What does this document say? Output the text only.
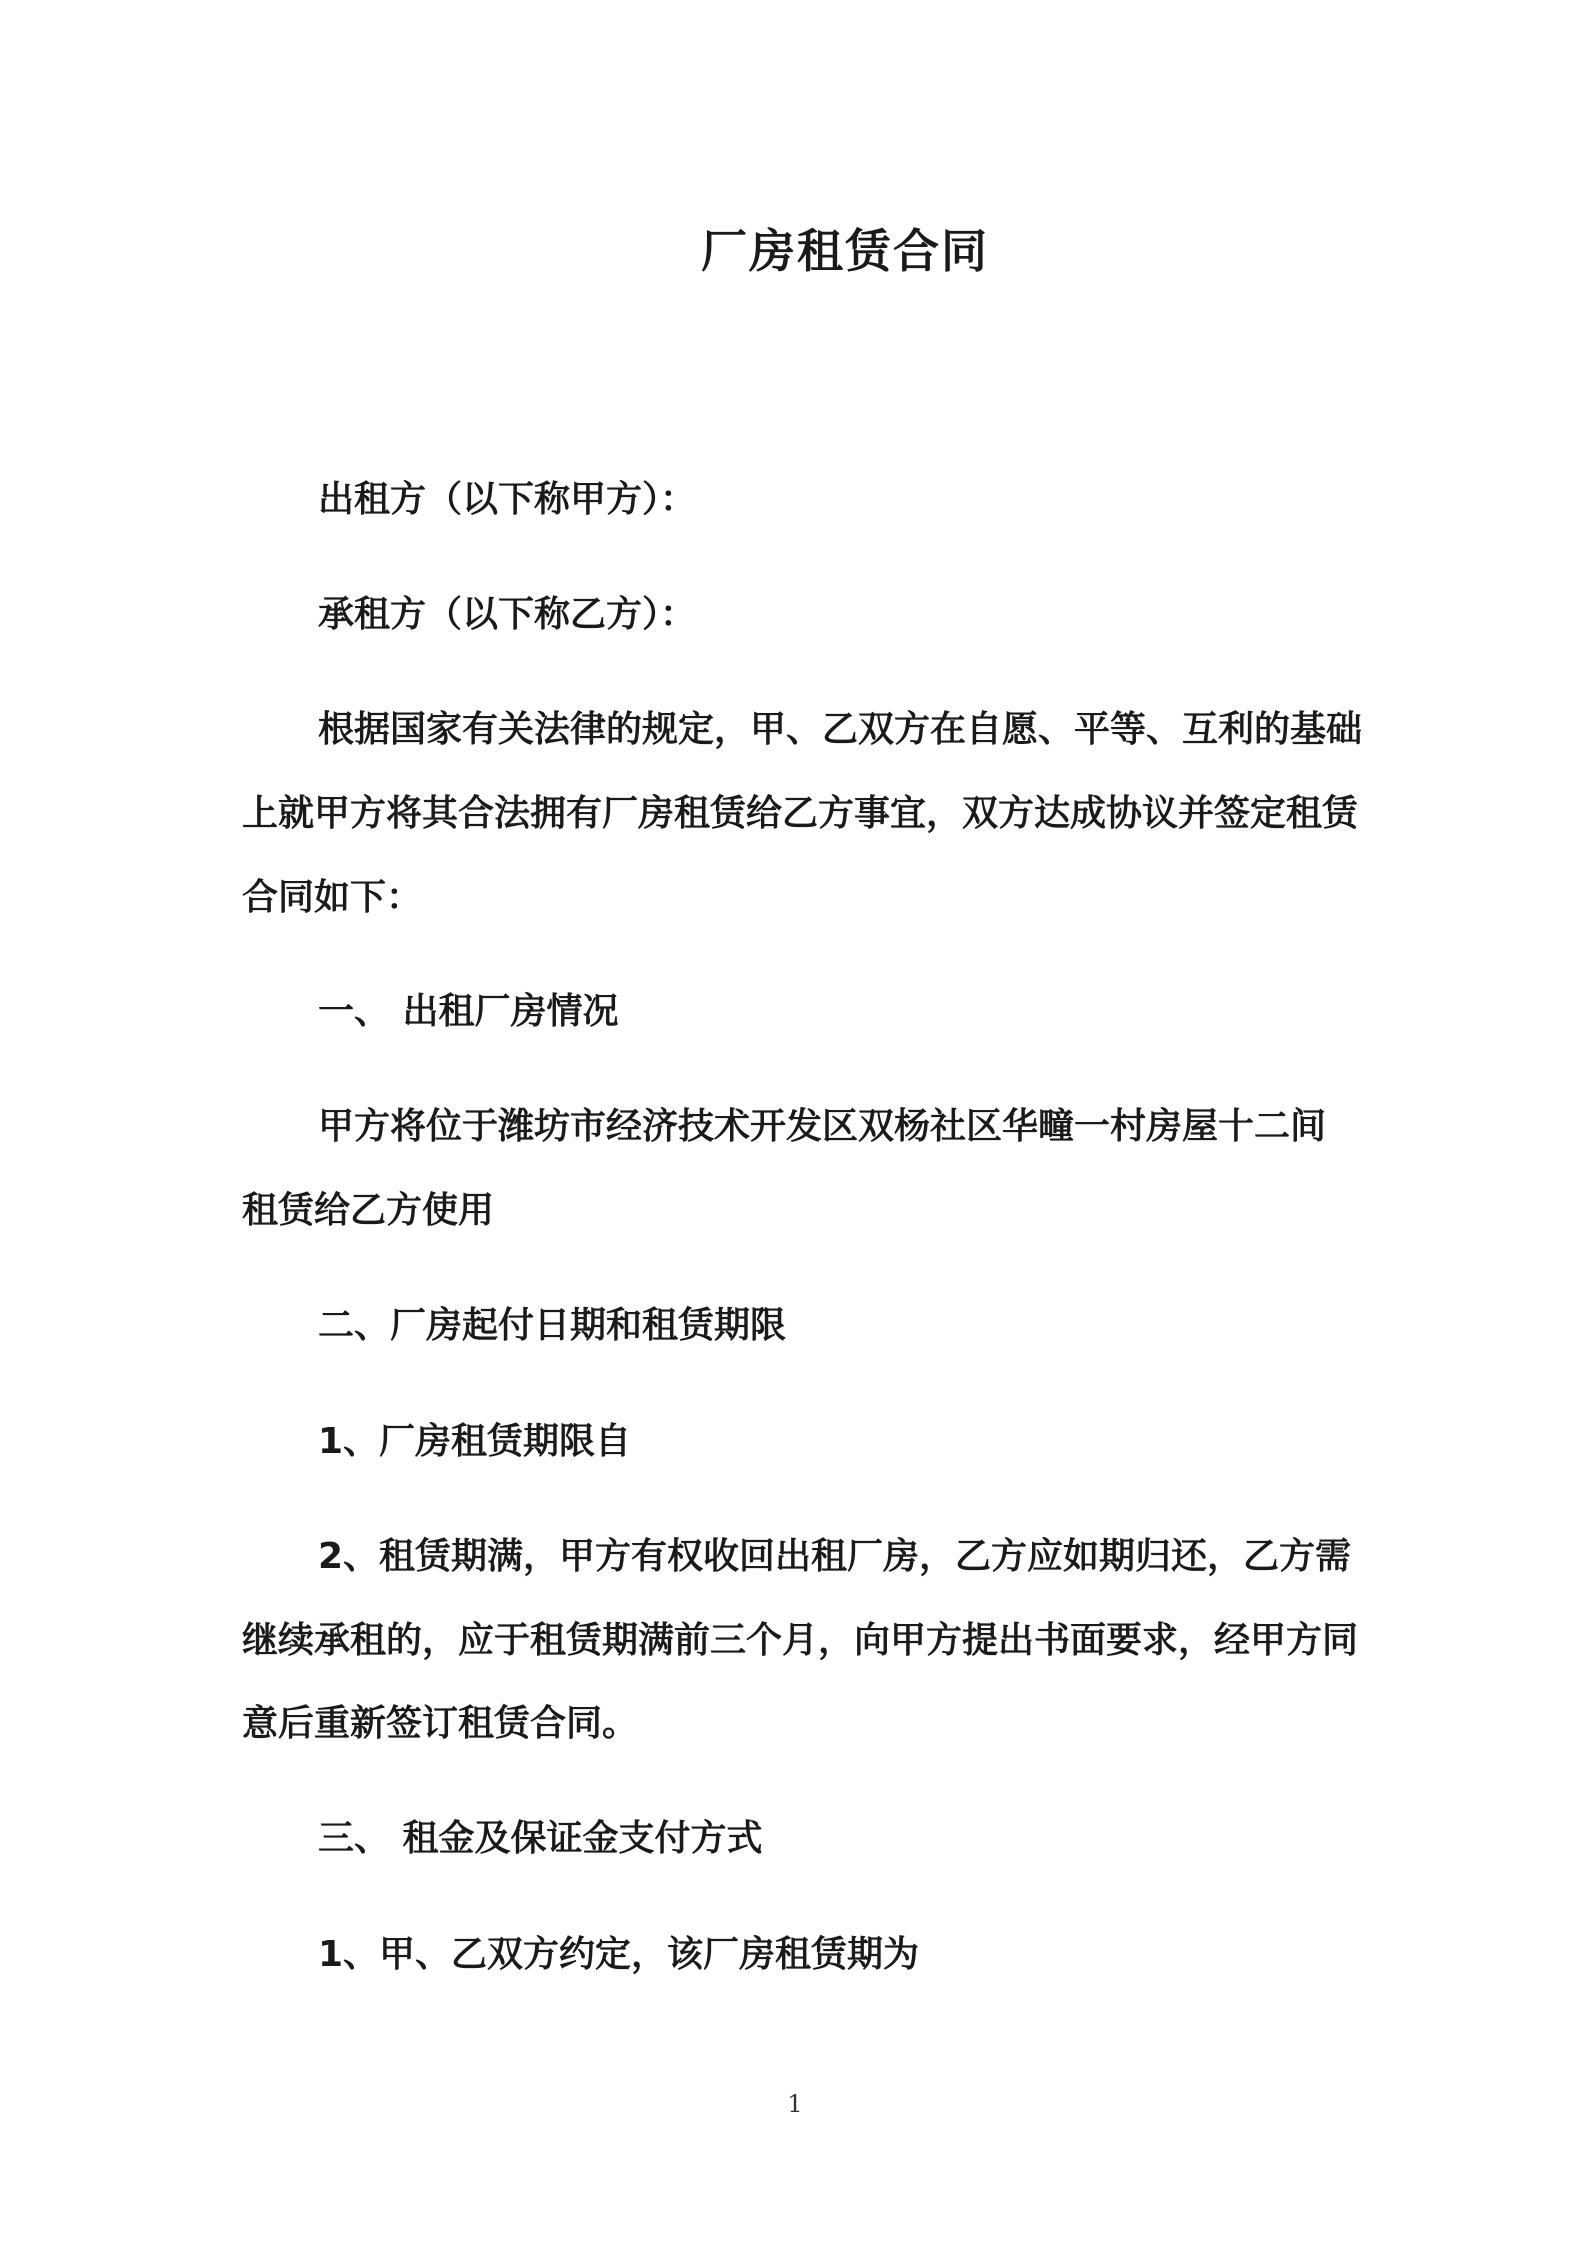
厂房租赁合同
出租方（以下称甲方）：
承租方（以下称乙方）：
根据国家有关法律的规定，甲、乙双方在自愿、平等、互利的基础
上就甲方将其合法拥有厂房租赁给乙方事宜，双方达成协议并签定租赁
合同如下：
一、 出租厂房情况
甲方将位于潍坊市经济技术开发区双杨社区华疃一村房屋十二间
租赁给乙方使用
二、厂房起付日期和租赁期限
1、厂房租赁期限自
2、租赁期满，甲方有权收回出租厂房，乙方应如期归还，乙方需
继续承租的，应于租赁期满前三个月，向甲方提出书面要求，经甲方同
意后重新签订租赁合同。
三、 租金及保证金支付方式
1、甲、乙双方约定，该厂房租赁期为
1
